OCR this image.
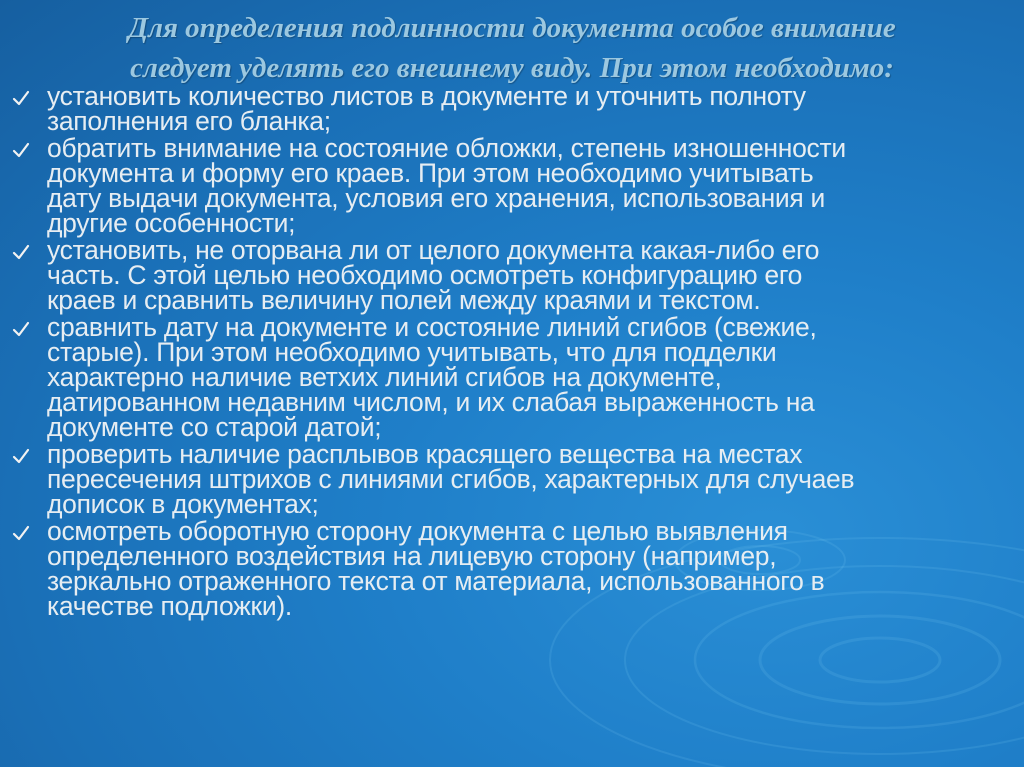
Для определения подлинности документа особое внимание
следует уделять его внешнему виду. При этом необходимо:
установить количество листов в документе и уточнить полноту
заполнения его бланка;
обратить внимание на состояние обложки, степень изношенности
документа и форму его краев. При этом необходимо учитывать
дату выдачи документа, условия его хранения, использования и
другие особенности;
установить, не оторвана ли от целого документа какая-либо его
часть. С этой целью необходимо осмотреть конфигурацию его
краев и сравнить величину полей между краями и текстом.
сравнить дату на документе и состояние линий сгибов (свежие,
старые). При этом необходимо учитывать, что для подделки
характерно наличие ветхих линий сгибов на документе,
датированном недавним числом, и их слабая выраженность на
документе со старой датой;
проверить наличие расплывов красящего вещества на местах
пересечения штрихов с линиями сгибов, характерных для случаев
дописок в документах;
осмотреть оборотную сторону документа с целью выявления
определенного воздействия на лицевую сторону (например,
зеркально отраженного текста от материала, использованного в
качестве подложки).
